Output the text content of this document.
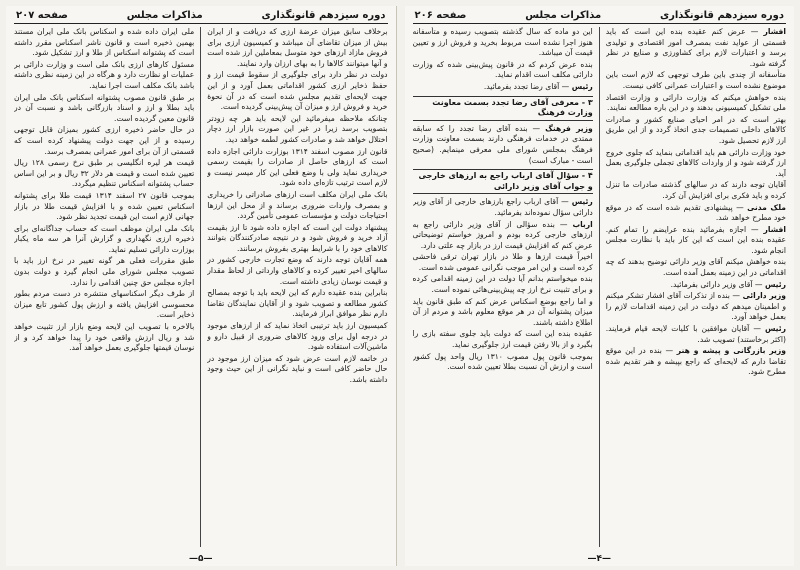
دوره سیزدهم قانونگذاری
مذاکرات مجلس
صفحه ۲۰۷
برخلاف سابق میزان عرضهٔ ارزی که دریافت و از ایران بیش از میزان تقاضای آن میباشد و کمیسیون ارزی برای فروش مازاد ارزهای خود متوسل بمعاملین ارز شده است و آنها میتوانند کالاها را به بهای ارزان وارد نمایند.
دولت در نظر دارد برای جلوگیری از سقوط قیمت ارز و حفظ ذخایر ارزی کشور اقداماتی بعمل آورد و از این جهت لایحه‌ای تقدیم مجلس شده است که در آن نحوهٔ خرید و فروش ارز و میزان آن پیش‌بینی گردیده است.
چنانکه ملاحظه میفرمائید این لایحه باید هر چه زودتر بتصویب برسد زیرا در غیر این صورت بازار ارز دچار اختلال خواهد شد و صادرات کشور لطمه خواهد دید.
قانون ارز مصوب اسفند ۱۳۱۴ بوزارت دارائی اجازه داده است که ارزهای حاصل از صادرات را بقیمت رسمی خریداری نماید ولی با وضع فعلی این کار میسر نیست و لازم است ترتیب تازه‌ای داده شود.
بانک ملی ایران مکلف است ارزهای صادراتی را خریداری و بمصرف واردات ضروری برساند و از محل این ارزها احتیاجات دولت و مؤسسات عمومی تأمین گردد.
پیشنهاد دولت این است که اجازه داده شود تا ارز بقیمت آزاد خرید و فروش شود و در نتیجه صادرکنندگان بتوانند کالاهای خود را با شرایط بهتری بفروش برسانند.
همه آقایان توجه دارند که وضع تجارت خارجی کشور در سالهای اخیر تغییر کرده و کالاهای وارداتی از لحاظ مقدار و قیمت نوسان زیادی داشته است.
بنابراین بنده عقیده دارم که این لایحه باید با توجه بمصالح کشور مطالعه و تصویب شود و از آقایان نمایندگان تقاضا دارم نظر موافق ابراز فرمایند.
کمیسیون ارز باید ترتیبی اتخاذ نماید که از ارزهای موجود در درجه اول برای ورود کالاهای ضروری از قبیل دارو و ماشین‌آلات استفاده شود.
در خاتمه لازم است عرض شود که میزان ارز موجود در حال حاضر کافی است و نباید نگرانی از این حیث وجود داشته باشد.
ملی ایران داده شده و اسکناس بانک ملی ایران مستند بهمین ذخیره است و قانون ناشر اسکناس مقرر داشته است که پشتوانه اسکناس از طلا و ارز تشکیل شود.
مسئول کارهای ارزی بانک ملی است و وزارت دارائی بر عملیات او نظارت دارد و هرگاه در این زمینه نظری داشته باشد بانک مکلف است اجرا نماید.
بر طبق قانون مصوب پشتوانه اسکناس بانک ملی ایران باید بطلا و ارز و اسناد بازرگانی باشد و نسبت آن در قانون معین گردیده است.
در حال حاضر ذخیره ارزی کشور بمیزان قابل توجهی رسیده و از این جهت دولت پیشنهاد کرده است که قسمتی از آن برای امور عمرانی بمصرف برسد.
قیمت هر لیره انگلیسی بر طبق نرخ رسمی ۱۲۸ ریال تعیین شده است و قیمت هر دلار ۳۲ ریال و بر این اساس حساب پشتوانه اسکناس تنظیم میگردد.
بموجب قانون ۲۷ اسفند ۱۳۱۴ قیمت طلا برای پشتوانه اسکناس تعیین شده و با افزایش قیمت طلا در بازار جهانی لازم است این قیمت تجدید نظر شود.
بانک ملی ایران موظف است که حساب جداگانه‌ای برای ذخیره ارزی نگهداری و گزارش آنرا هر سه ماه یکبار بوزارت دارائی تسلیم نماید.
طبق مقررات فعلی هر گونه تغییر در نرخ ارز باید با تصویب مجلس شورای ملی انجام گیرد و دولت بدون اجازه مجلس حق چنین اقدامی را ندارد.
از طرف دیگر اسکناسهای منتشره در دست مردم بطور محسوسی افزایش یافته و ارزش پول کشور تابع میزان ذخایر است.
بالاخره با تصویب این لایحه وضع بازار ارز تثبیت خواهد شد و ریال ارزش واقعی خود را پیدا خواهد کرد و از نوسان قیمتها جلوگیری بعمل خواهد آمد.
—۵—
دوره سیزدهم قانونگذاری
مذاکرات مجلس
صفحه ۲۰۶
افشار — عرض کنم عقیده بنده این است که باید قسمتی از عواید نفت بمصرف امور اقتصادی و تولیدی برسد و اعتبارات لازم برای کشاورزی و صنایع در نظر گرفته شود.
متأسفانه از چندی باین طرف توجهی که لازم است باین موضوع نشده است و اعتبارات عمرانی کافی نیست.
بنده خواهش میکنم که وزارت دارائی و وزارت اقتصاد ملی تشکیل کمیسیونی بدهند و در این باره مطالعه نمایند.
بهتر است که در امر احیای صنایع کشور و صادرات کالاهای داخلی تصمیمات جدی اتخاذ گردد و از این طریق ارز لازم تحصیل شود.
خود وزارت دارائی هم باید اقداماتی بنماید که جلوی خروج ارز گرفته شود و از واردات کالاهای تجملی جلوگیری بعمل آید.
آقایان توجه دارند که در سالهای گذشته صادرات ما تنزل کرده و باید فکری برای افزایش آن کرد.
ملک مدنی — پیشنهادی تقدیم شده است که در موقع خود مطرح خواهد شد.
افشار — اجازه بفرمائید بنده عرایضم را تمام کنم. عقیده بنده این است که این کار باید با نظارت مجلس انجام شود.
بنده خواهش میکنم آقای وزیر دارائی توضیح بدهند که چه اقداماتی در این زمینه بعمل آمده است.
رئیس — آقای وزیر دارائی بفرمائید.
وزیر دارائی — بنده از تذکرات آقای افشار تشکر میکنم و اطمینان میدهم که دولت در این زمینه اقدامات لازم را بعمل خواهد آورد.
رئیس — آقایان موافقین با کلیات لایحه قیام فرمایند. (اکثر برخاستند) تصویب شد.
وزیر بازرگانی و پیشه و هنر — بنده در این موقع تقاضا دارم که لایحه‌ای که راجع بپیشه و هنر تقدیم شده مطرح شود.
این دو ماده که سال گذشته بتصویب رسیده و متأسفانه هنوز اجرا نشده است مربوط بخرید و فروش ارز و تعیین قیمت آن میباشد.
بنده عرض کردم که در قانون پیش‌بینی شده که وزارت دارائی مکلف است اقدام نماید.
رئیس — آقای رضا تجدد بفرمائید.
۳ - معرفی آقای رضا تجدد بسمت معاونت وزارت فرهنگ
وزیر فرهنگ — بنده آقای رضا تجدد را که سابقه ممتدی در خدمات فرهنگی دارند بسمت معاونت وزارت فرهنگ بمجلس شورای ملی معرفی مینمایم. (صحیح است - مبارک است)
۴ - سؤال آقای ارباب راجع به ارزهای خارجی و جواب آقای وزیر دارائی
رئیس — آقای ارباب راجع بارزهای خارجی از آقای وزیر دارائی سؤال نموده‌اند بفرمائید.
ارباب — بنده سؤالی از آقای وزیر دارائی راجع به ارزهای خارجی کرده بودم و امروز خواستم توضیحاتی عرض کنم که افزایش قیمت ارز در بازار چه علتی دارد.
اخیراً قیمت ارزها و طلا در بازار تهران ترقی فاحشی کرده است و این امر موجب نگرانی عمومی شده است.
بنده میخواستم بدانم آیا دولت در این زمینه اقدامی کرده و برای تثبیت نرخ ارز چه پیش‌بینی‌هائی نموده است.
و اما راجع بوضع اسکناس عرض کنم که طبق قانون باید میزان پشتوانه آن در هر موقع معلوم باشد و مردم از آن اطلاع داشته باشند.
عقیده بنده این است که دولت باید جلوی سفته بازی را بگیرد و از بالا رفتن قیمت ارز جلوگیری نماید.
بموجب قانون پول مصوب ۱۳۱۰ ریال واحد پول کشور است و ارزش آن نسبت بطلا تعیین شده است.
—۴—
